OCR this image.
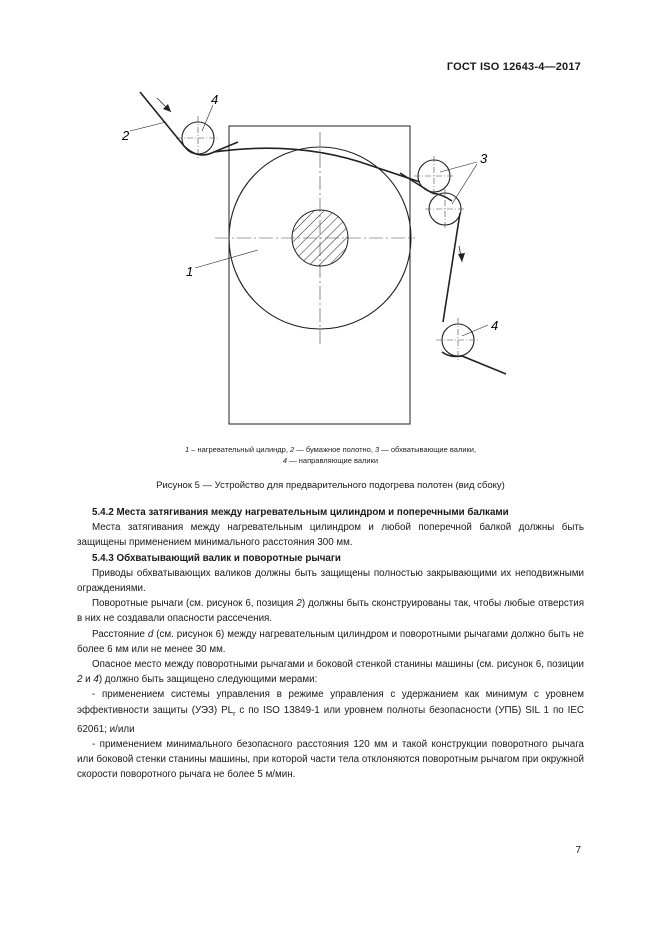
ГОСТ ISO 12643-4—2017
2
4
1
3
4
1 – нагревательный цилиндр, 2 — бумажное полотно, 3 — обхватывающие валики,
4 — направляющие валики
Рисунок 5 — Устройство для предварительного подогрева полотен (вид сбоку)
5.4.2 Места затягивания между нагревательным цилиндром и поперечными балками

Места затягивания между нагревательным цилиндром и любой поперечной балкой должны быть защищены применением минимального расстояния 300 мм.

5.4.3 Обхватывающий валик и поворотные рычаги

Приводы обхватывающих валиков должны быть защищены полностью закрывающими их неподвижными ограждениями.

Поворотные рычаги (см. рисунок 6, позиция 2) должны быть сконструированы так, чтобы любые отверстия в них не создавали опасности рассечения.

Расстояние d (см. рисунок 6) между нагревательным цилиндром и поворотными рычагами должно быть не более 6 мм или не менее 30 мм.

Опасное место между поворотными рычагами и боковой стенкой станины машины (см. рисунок 6, позиции 2 и 4) должно быть защищено следующими мерами:

- применением системы управления в режиме управления с удержанием как минимум с уровнем эффективности защиты (УЭЗ) $PL_r$ c по ISO 13849-1 или уровнем полноты безопасности (УПБ) SIL 1 по IEC 62061; и/или

- применением минимального безопасного расстояния 120 мм и такой конструкции поворотного рычага или боковой стенки станины машины, при которой части тела отклоняются поворотным рычагом при окружной скорости поворотного рычага не более 5 м/мин.

7
